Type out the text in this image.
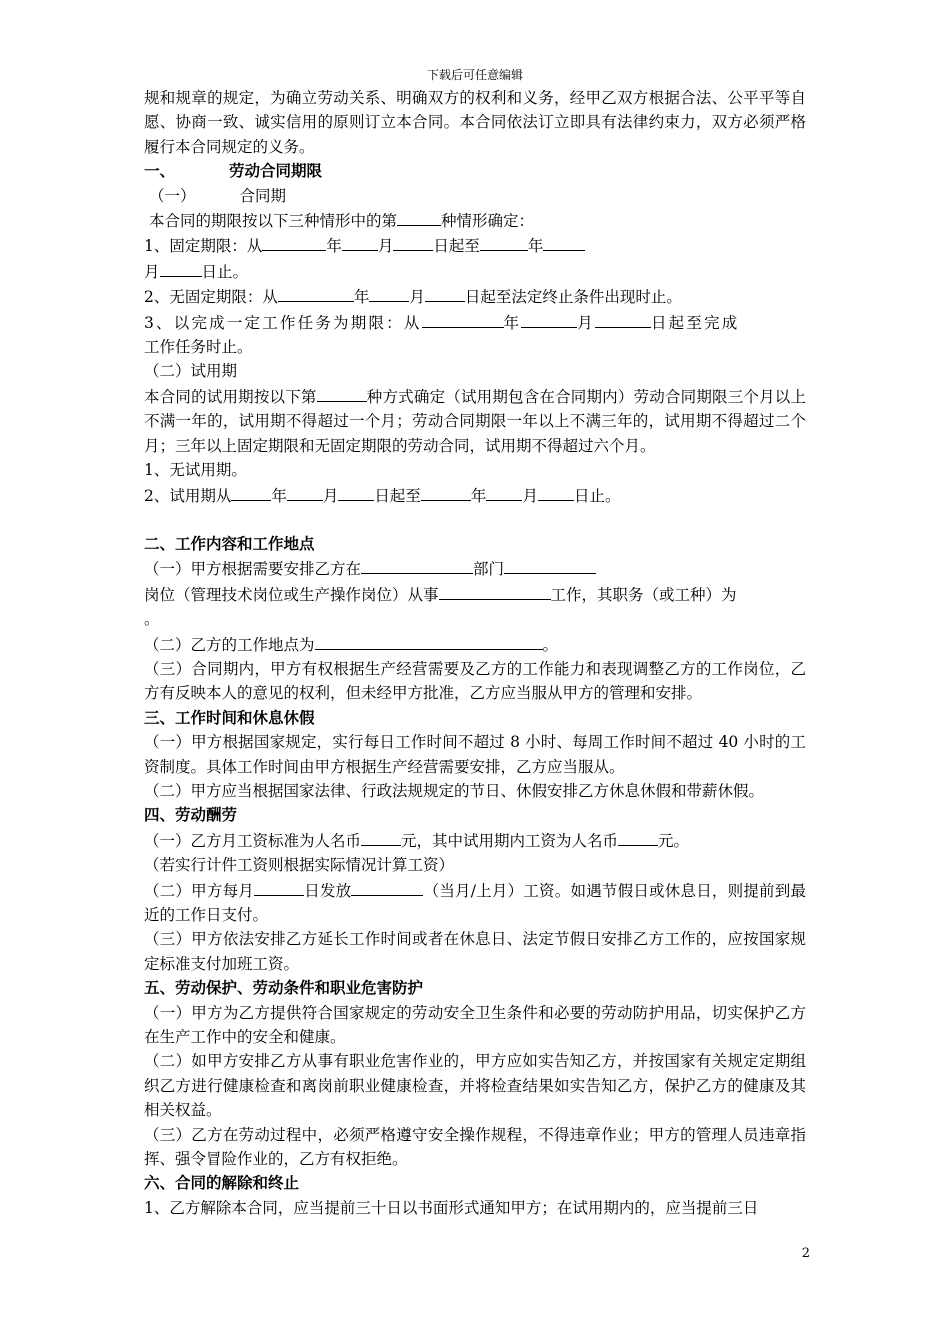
下载后可任意编辑

规和规章的规定，为确立劳动关系、明确双方的权利和义务，经甲乙双方根据合法、公平平等自愿、协商一致、诚实信用的原则订立本合同。本合同依法订立即具有法律约束力，双方必须严格履行本合同规定的义务。

一、	劳动合同期限

（一）	合同期

本合同的期限按以下三种情形中的第	种情形确定：

1、固定期限：从	年 月	日起至	年

月	日止。

2、无固定期限：从	年	月	日起至法定终止条件出现时止。

3、以完成一定工作任务为期限：从	年	月	日起至完成

工作任务时止。

（二）试用期

本合同的试用期按以下第	种方式确定（试用期包含在合同期内）劳动合同期限三个月以上不满一年的，试用期不得超过一个月；劳动合同期限一年以上不满三年的，试用期不得超过二个月；三年以上固定期限和无固定期限的劳动合同，试用期不得超过六个月。

1、无试用期。

2、试用期从	年 月 日起至	年 月 日止。

二、工作内容和工作地点

（一）甲方根据需要安排乙方在	部门

岗位（管理技术岗位或生产操作岗位）从事	工作，其职务（或工种）为

。

（二）乙方的工作地点为	。

（三）合同期内，甲方有权根据生产经营需要及乙方的工作能力和表现调整乙方的工作岗位，乙方有反映本人的意见的权利，但未经甲方批准，乙方应当服从甲方的管理和安排。

三、工作时间和休息休假

（一）甲方根据国家规定，实行每日工作时间不超过 8 小时、每周工作时间不超过 40 小时的工资制度。具体工作时间由甲方根据生产经营需要安排，乙方应当服从。

（二）甲方应当根据国家法律、行政法规规定的节日、休假安排乙方休息休假和带薪休假。

四、劳动酬劳

（一）乙方月工资标准为人名币	元，其中试用期内工资为人名币	元。

（若实行计件工资则根据实际情况计算工资）

（二）甲方每月	日发放	（当月/上月）工资。如遇节假日或休息日，则提前到最近的工作日支付。

（三）甲方依法安排乙方延长工作时间或者在休息日、法定节假日安排乙方工作的，应按国家规定标准支付加班工资。

五、劳动保护、劳动条件和职业危害防护

（一）甲方为乙方提供符合国家规定的劳动安全卫生条件和必要的劳动防护用品，切实保护乙方在生产工作中的安全和健康。

（二）如甲方安排乙方从事有职业危害作业的，甲方应如实告知乙方，并按国家有关规定定期组织乙方进行健康检查和离岗前职业健康检查，并将检查结果如实告知乙方，保护乙方的健康及其相关权益。

（三）乙方在劳动过程中，必须严格遵守安全操作规程，不得违章作业；甲方的管理人员违章指挥、强令冒险作业的，乙方有权拒绝。

六、合同的解除和终止

1、乙方解除本合同，应当提前三十日以书面形式通知甲方；在试用期内的，应当提前三日

2
